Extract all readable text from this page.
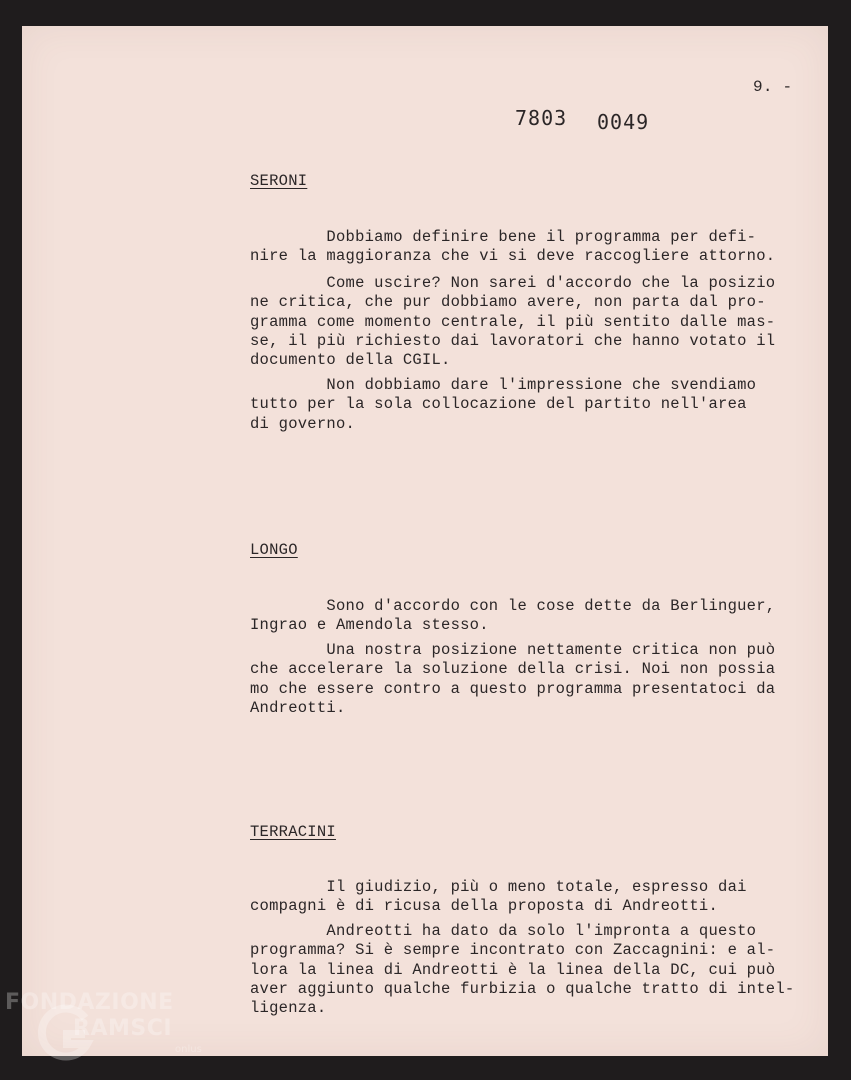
9. -
7803 0049
SERONI
Dobbiamo definire bene il programma per defi-
nire la maggioranza che vi si deve raccogliere attorno.
Come uscire? Non sarei d'accordo che la posizio
ne critica, che pur dobbiamo avere, non parta dal pro-
gramma come momento centrale, il più sentito dalle mas-
se, il più richiesto dai lavoratori che hanno votato il
documento della CGIL.
Non dobbiamo dare l'impressione che svendiamo
tutto per la sola collocazione del partito nell'area
di governo.
LONGO
Sono d'accordo con le cose dette da Berlinguer,
Ingrao e Amendola stesso.
Una nostra posizione nettamente critica non può
che accelerare la soluzione della crisi. Noi non possia
mo che essere contro a questo programma presentatoci da
Andreotti.
TERRACINI
Il giudizio, più o meno totale, espresso dai
compagni è di ricusa della proposta di Andreotti.
Andreotti ha dato da solo l'impronta a questo
programma? Si è sempre incontrato con Zaccagnini: e al-
lora la linea di Andreotti è la linea della DC, cui può
aver aggiunto qualche furbizia o qualche tratto di intel-
ligenza.
FONDAZIONE
RAMSCI
onlus
